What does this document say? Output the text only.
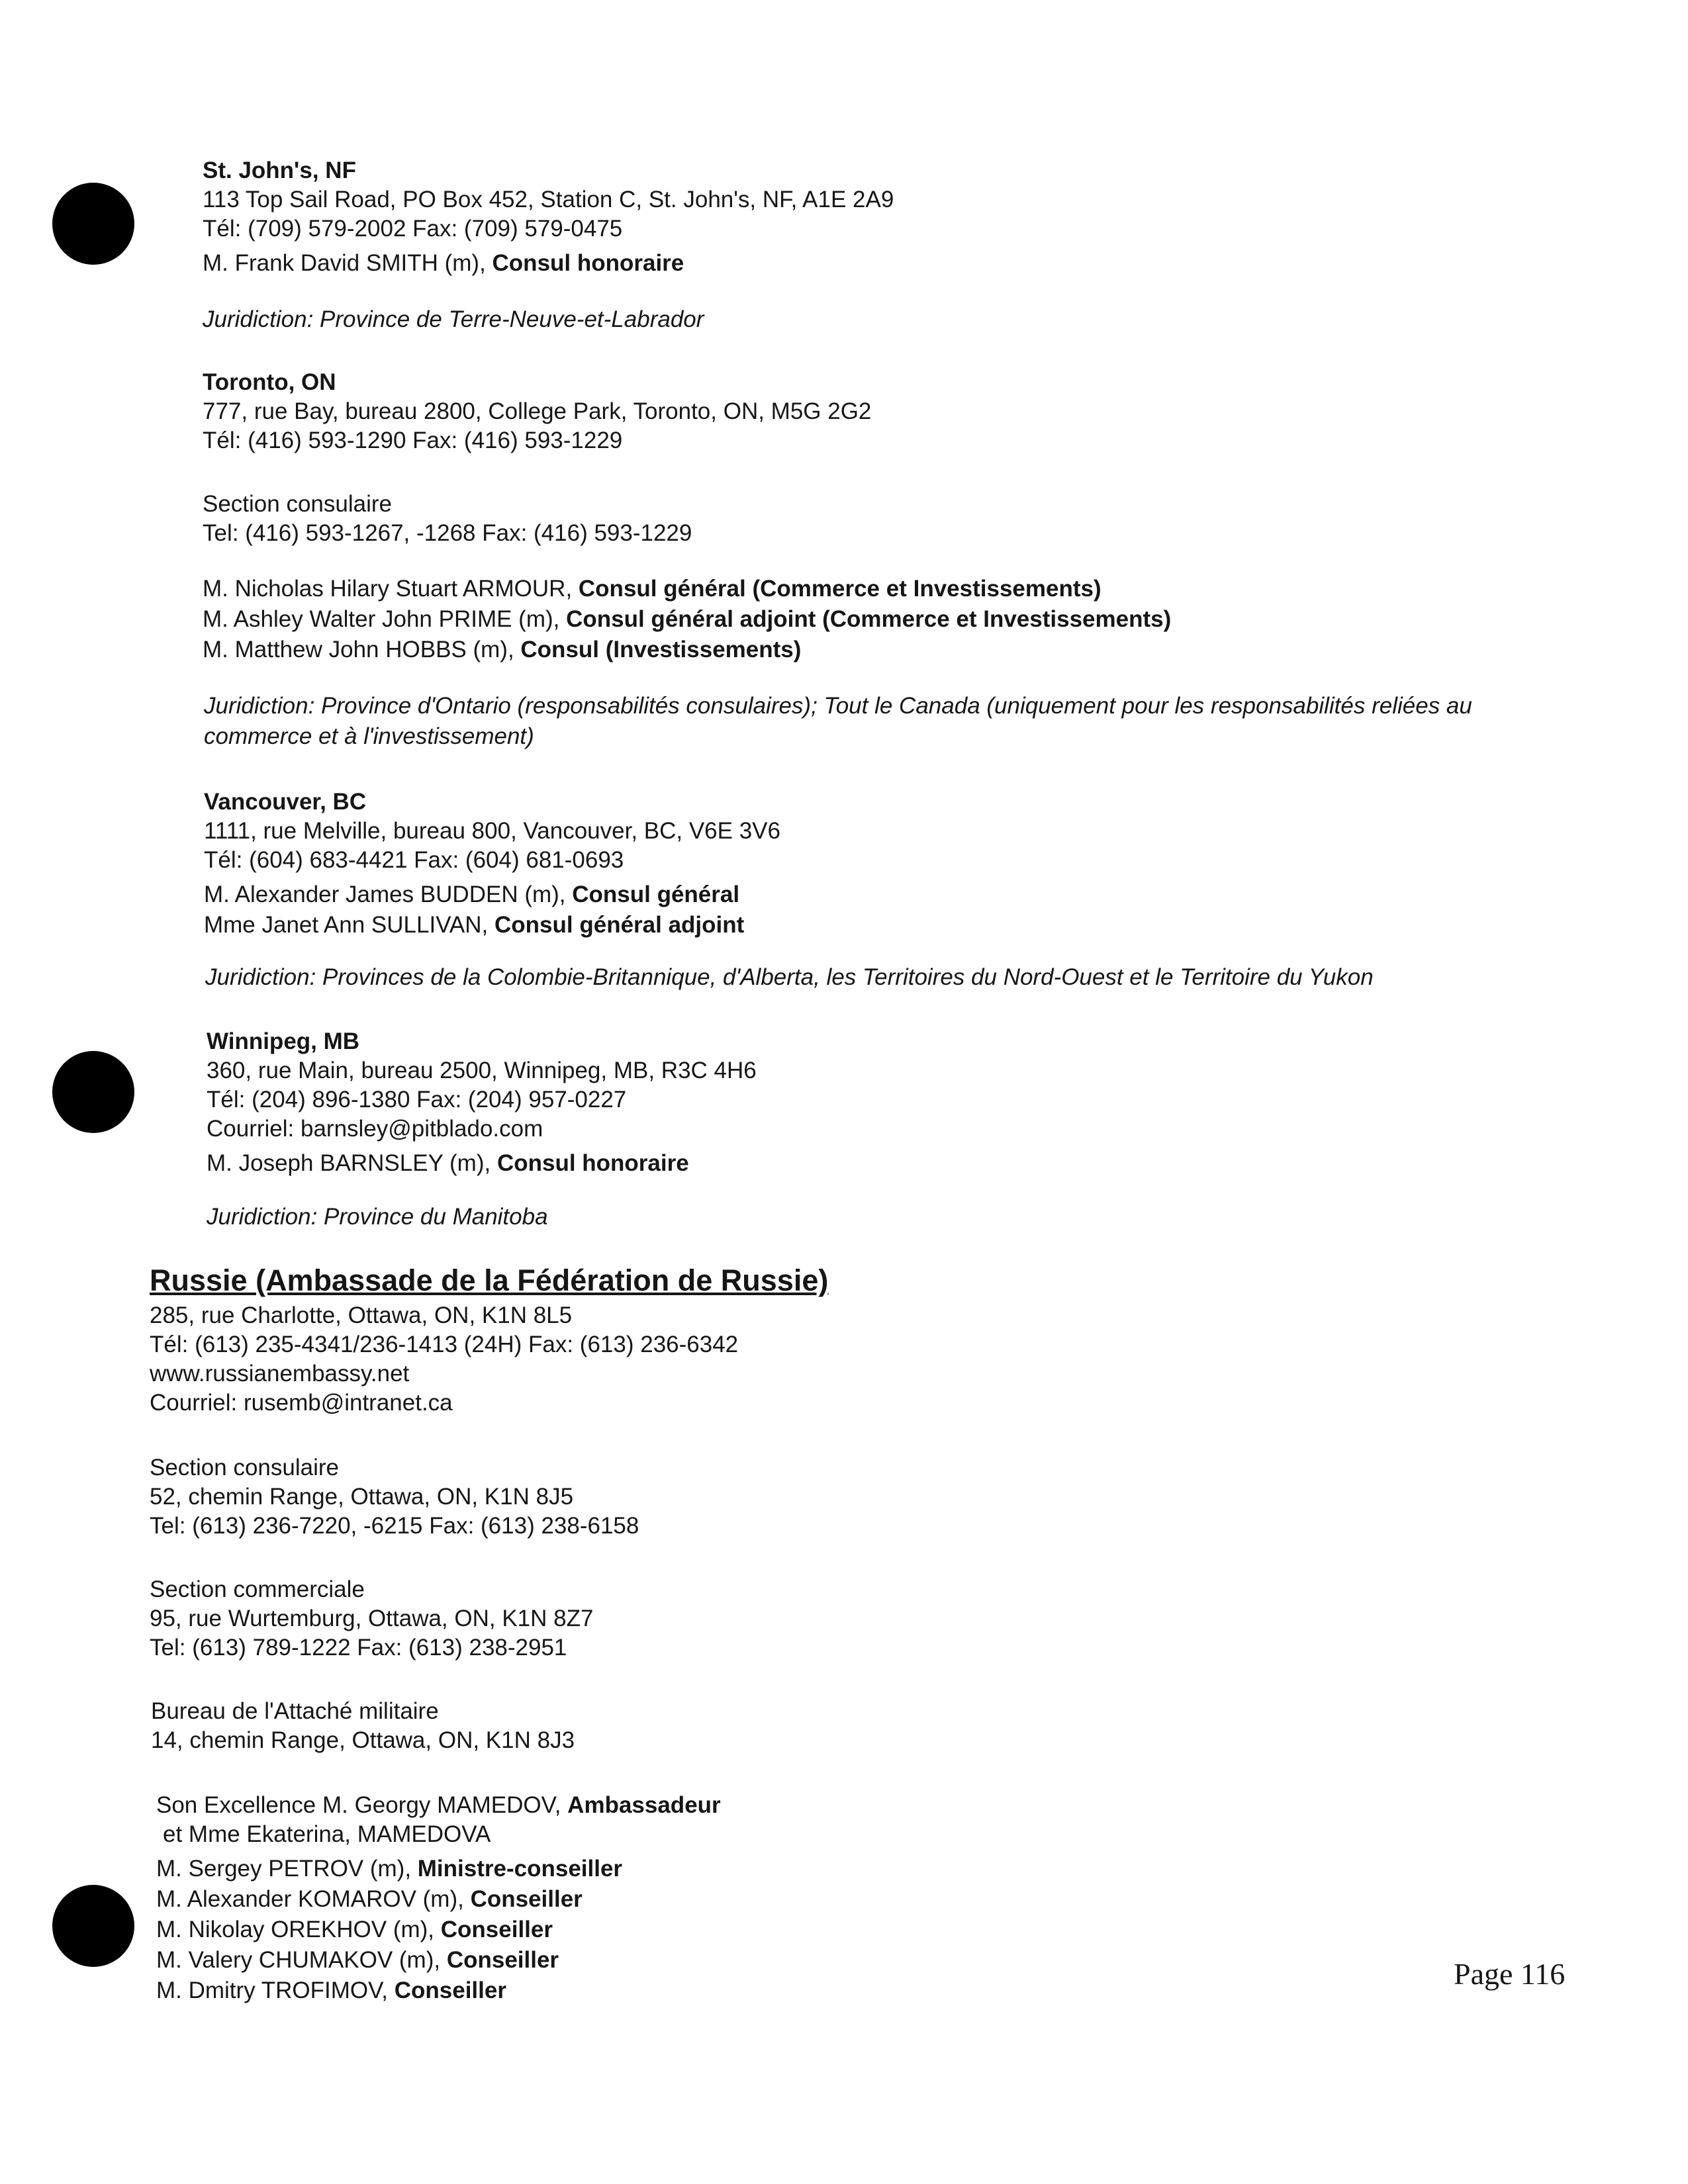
St. John's, NF
113 Top Sail Road, PO Box 452, Station C, St. John's, NF, A1E 2A9
Tél: (709) 579-2002 Fax: (709) 579-0475
M. Frank David SMITH (m), Consul honoraire
Juridiction: Province de Terre-Neuve-et-Labrador
Toronto, ON
777, rue Bay, bureau 2800, College Park, Toronto, ON, M5G 2G2
Tél: (416) 593-1290 Fax: (416) 593-1229
Section consulaire
Tel: (416) 593-1267, -1268 Fax: (416) 593-1229
M. Nicholas Hilary Stuart ARMOUR, Consul général (Commerce et Investissements)
M. Ashley Walter John PRIME (m), Consul général adjoint (Commerce et Investissements)
M. Matthew John HOBBS (m), Consul (Investissements)
Juridiction: Province d'Ontario (responsabilités consulaires); Tout le Canada (uniquement pour les responsabilités reliées au commerce et à l'investissement)
Vancouver, BC
1111, rue Melville, bureau 800, Vancouver, BC, V6E 3V6
Tél: (604) 683-4421 Fax: (604) 681-0693
M. Alexander James BUDDEN (m), Consul général
Mme Janet Ann SULLIVAN, Consul général adjoint
Juridiction: Provinces de la Colombie-Britannique, d'Alberta, les Territoires du Nord-Ouest et le Territoire du Yukon
Winnipeg, MB
360, rue Main, bureau 2500, Winnipeg, MB, R3C 4H6
Tél: (204) 896-1380 Fax: (204) 957-0227
Courriel: barnsley@pitblado.com
M. Joseph BARNSLEY (m), Consul honoraire
Juridiction: Province du Manitoba
Russie (Ambassade de la Fédération de Russie)
285, rue Charlotte, Ottawa, ON, K1N 8L5
Tél: (613) 235-4341/236-1413 (24H) Fax: (613) 236-6342
www.russianembassy.net
Courriel: rusemb@intranet.ca
Section consulaire
52, chemin Range, Ottawa, ON, K1N 8J5
Tel: (613) 236-7220, -6215 Fax: (613) 238-6158
Section commerciale
95, rue Wurtemburg, Ottawa, ON, K1N 8Z7
Tel: (613) 789-1222 Fax: (613) 238-2951
Bureau de l'Attaché militaire
14, chemin Range, Ottawa, ON, K1N 8J3
Son Excellence M. Georgy MAMEDOV, Ambassadeur
et Mme Ekaterina, MAMEDOVA
M. Sergey PETROV (m), Ministre-conseiller
M. Alexander KOMAROV (m), Conseiller
M. Nikolay OREKHOV (m), Conseiller
M. Valery CHUMAKOV (m), Conseiller
M. Dmitry TROFIMOV, Conseiller	Page 116
